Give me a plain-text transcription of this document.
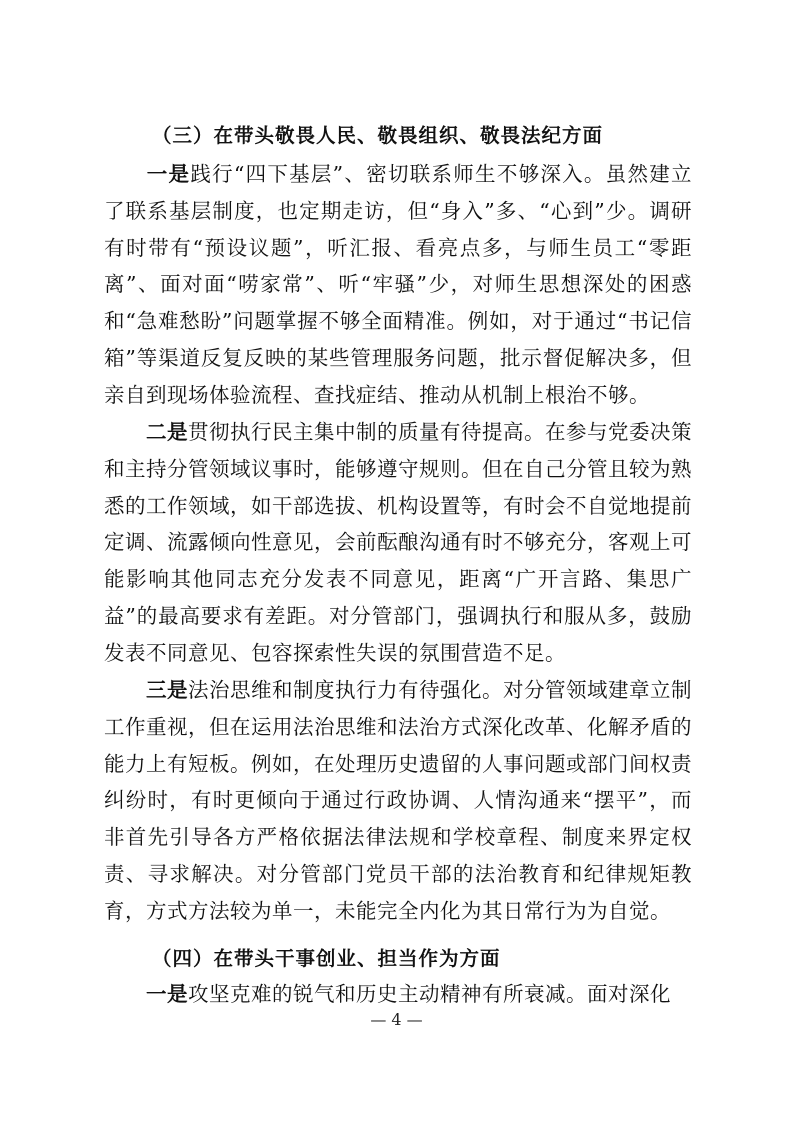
（三）在带头敬畏人民、敬畏组织、敬畏法纪方面

一是践行“四下基层”、密切联系师生不够深入。虽然建立了联系基层制度，也定期走访，但“身入”多、“心到”少。调研有时带有“预设议题”，听汇报、看亮点多，与师生员工“零距离”、面对面“唠家常”、听“牢骚”少，对师生思想深处的困惑和“急难愁盼”问题掌握不够全面精准。例如，对于通过“书记信箱”等渠道反复反映的某些管理服务问题，批示督促解决多，但亲自到现场体验流程、查找症结、推动从机制上根治不够。

二是贯彻执行民主集中制的质量有待提高。在参与党委决策和主持分管领域议事时，能够遵守规则。但在自己分管且较为熟悉的工作领域，如干部选拔、机构设置等，有时会不自觉地提前定调、流露倾向性意见，会前酝酿沟通有时不够充分，客观上可能影响其他同志充分发表不同意见，距离“广开言路、集思广益”的最高要求有差距。对分管部门，强调执行和服从多，鼓励发表不同意见、包容探索性失误的氛围营造不足。

三是法治思维和制度执行力有待强化。对分管领域建章立制工作重视，但在运用法治思维和法治方式深化改革、化解矛盾的能力上有短板。例如，在处理历史遗留的人事问题或部门间权责纠纷时，有时更倾向于通过行政协调、人情沟通来“摆平”，而非首先引导各方严格依据法律法规和学校章程、制度来界定权责、寻求解决。对分管部门党员干部的法治教育和纪律规矩教育，方式方法较为单一，未能完全内化为其日常行为为自觉。

（四）在带头干事创业、担当作为方面

一是攻坚克难的锐气和历史主动精神有所衰减。面对深化

— 4 —
